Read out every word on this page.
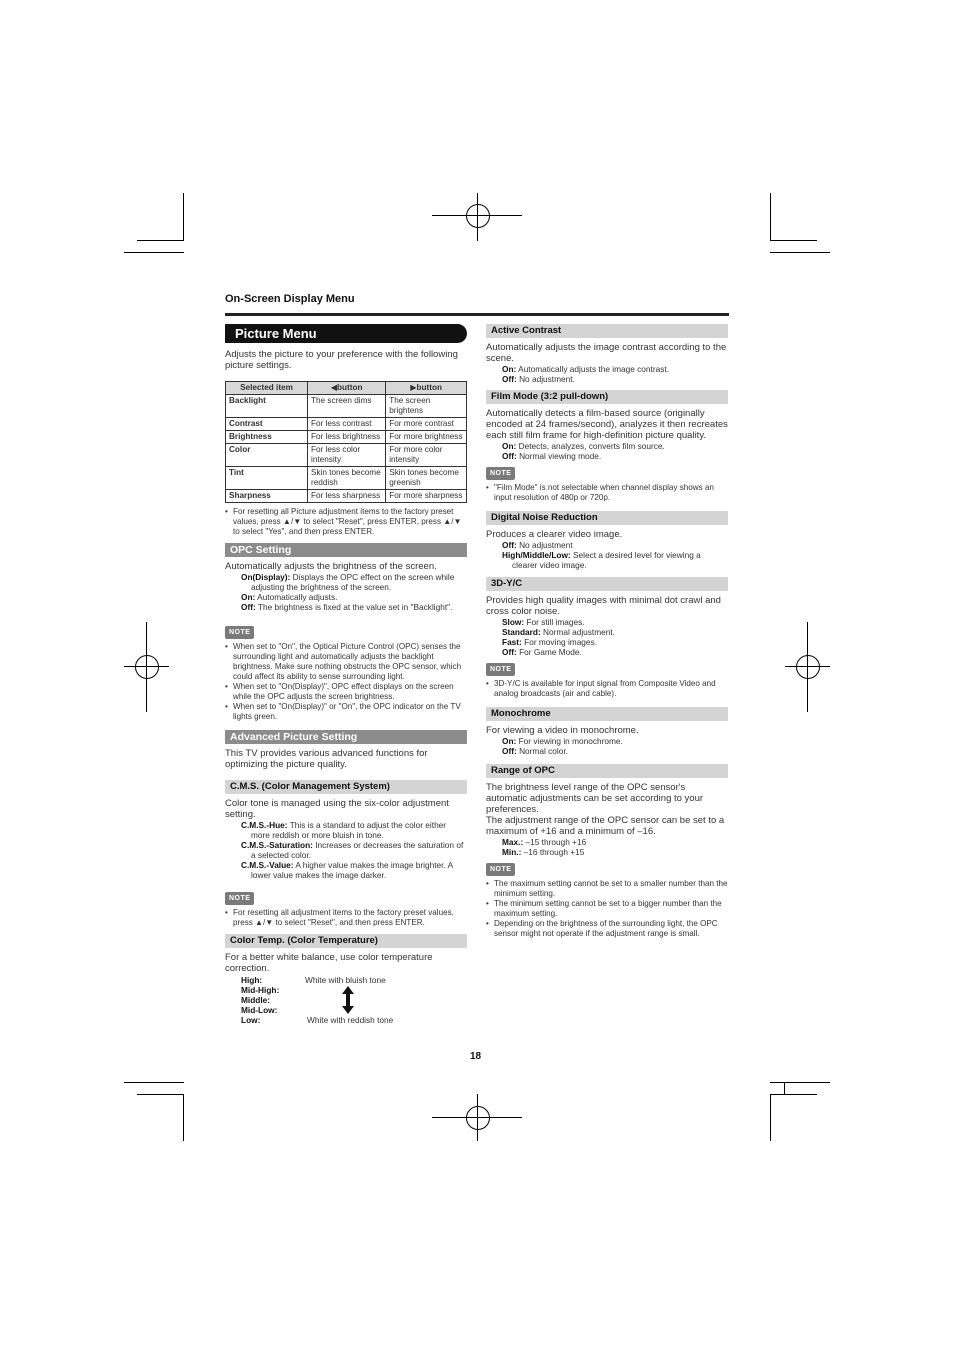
On-Screen Display Menu
Picture Menu

Adjusts the picture to your preference with the following picture settings.

Selected item	◀button	▶button
Backlight	The screen dims	The screen brightens
Contrast	For less contrast	For more contrast
Brightness	For less brightness	For more brightness
Color	For less color intensity	For more color intensity
Tint	Skin tones become reddish	Skin tones become greenish
Sharpness	For less sharpness	For more sharpness
• For resetting all Picture adjustment items to the factory preset values, press ▲/▼ to select "Reset", press ENTER, press ▲/▼ to select "Yes", and then press ENTER.
OPC Setting

Automatically adjusts the brightness of the screen.

On(Display): Displays the OPC effect on the screen while adjusting the brightness of the screen.
On: Automatically adjusts.
Off: The brightness is fixed at the value set in "Backlight".
NOTE
• When set to "On", the Optical Picture Control (OPC) senses the surrounding light and automatically adjusts the backlight brightness. Make sure nothing obstructs the OPC sensor, which could affect its ability to sense surrounding light.
• When set to "On(Display)", OPC effect displays on the screen while the OPC adjusts the screen brightness.
• When set to "On(Display)" or "On", the OPC indicator on the TV lights green.
Advanced Picture Setting

This TV provides various advanced functions for optimizing the picture quality.

C.M.S. (Color Management System)

Color tone is managed using the six-color adjustment setting.

C.M.S.-Hue: This is a standard to adjust the color either more reddish or more bluish in tone.
C.M.S.-Saturation: Increases or decreases the saturation of a selected color.
C.M.S.-Value: A higher value makes the image brighter. A lower value makes the image darker.
NOTE
• For resetting all adjustment items to the factory preset values, press ▲/▼ to select "Reset", and then press ENTER.
Color Temp. (Color Temperature)

For a better white balance, use color temperature correction.

High:	White with bluish tone
Mid-High:
Middle:
Mid-Low:
Low:	White with reddish tone
Active Contrast

Automatically adjusts the image contrast according to the scene.

On: Automatically adjusts the image contrast.
Off: No adjustment.
Film Mode (3:2 pull-down)

Automatically detects a film-based source (originally encoded at 24 frames/second), analyzes it then recreates each still film frame for high-definition picture quality.

On: Detects, analyzes, converts film source.
Off: Normal viewing mode.
NOTE
• "Film Mode" is not selectable when channel display shows an input resolution of 480p or 720p.
Digital Noise Reduction

Produces a clearer video image.

Off: No adjustment
High/Middle/Low: Select a desired level for viewing a clearer video image.
3D-Y/C

Provides high quality images with minimal dot crawl and cross color noise.

Slow: For still images.
Standard: Normal adjustment.
Fast: For moving images.
Off: For Game Mode.
NOTE
• 3D-Y/C is available for input signal from Composite Video and analog broadcasts (air and cable).
Monochrome

For viewing a video in monochrome.

On: For viewing in monochrome.
Off: Normal color.
Range of OPC

The brightness level range of the OPC sensor's automatic adjustments can be set according to your preferences.

The adjustment range of the OPC sensor can be set to a maximum of +16 and a minimum of –16.

Max.: –15 through +16
Min.: –16 through +15
NOTE
• The maximum setting cannot be set to a smaller number than the minimum setting.
• The minimum setting cannot be set to a bigger number than the maximum setting.
• Depending on the brightness of the surrounding light, the OPC sensor might not operate if the adjustment range is small.
18
